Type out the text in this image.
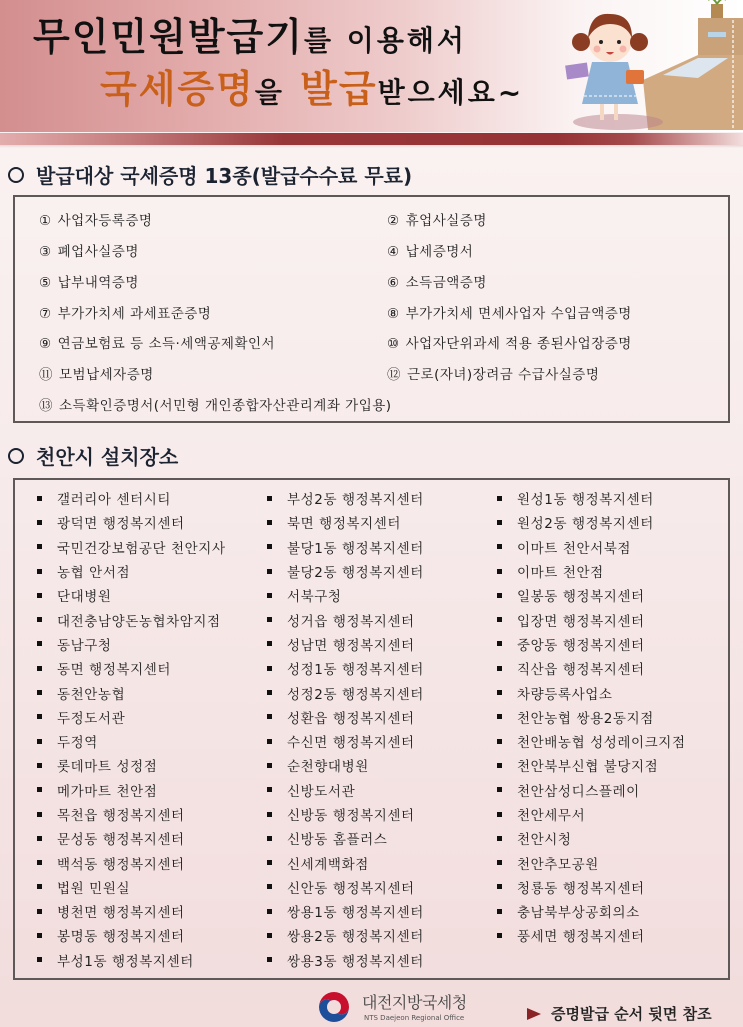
무인민원발급기를 이용해서
국세증명을 발급받으세요~
발급대상 국세증명 13종(발급수수료 무료)
① 사업자등록증명	② 휴업사실증명
③ 폐업사실증명	④ 납세증명서
⑤ 납부내역증명	⑥ 소득금액증명
⑦ 부가가치세 과세표준증명	⑧ 부가가치세 면세사업자 수입금액증명
⑨ 연금보험료 등 소득·세액공제확인서	⑩ 사업자단위과세 적용 종된사업장증명
⑪ 모범납세자증명	⑫ 근로(자녀)장려금 수급사실증명
⑬ 소득확인증명서(서민형 개인종합자산관리계좌 가입용)
천안시 설치장소
갤러리아 센터시티
광덕면 행정복지센터
국민건강보험공단 천안지사
농협 안서점
단대병원
대전충남양돈농협차암지점
동남구청
동면 행정복지센터
동천안농협
두정도서관
두정역
롯데마트 성정점
메가마트 천안점
목천읍 행정복지센터
문성동 행정복지센터
백석동 행정복지센터
법원 민원실
병천면 행정복지센터
봉명동 행정복지센터
부성1동 행정복지센터
부성2동 행정복지센터
북면 행정복지센터
불당1동 행정복지센터
불당2동 행정복지센터
서북구청
성거읍 행정복지센터
성남면 행정복지센터
성정1동 행정복지센터
성정2동 행정복지센터
성환읍 행정복지센터
수신면 행정복지센터
순천향대병원
신방도서관
신방동 행정복지센터
신방동 홈플러스
신세계백화점
신안동 행정복지센터
쌍용1동 행정복지센터
쌍용2동 행정복지센터
쌍용3동 행정복지센터
원성1동 행정복지센터
원성2동 행정복지센터
이마트 천안서북점
이마트 천안점
일봉동 행정복지센터
입장면 행정복지센터
중앙동 행정복지센터
직산읍 행정복지센터
차량등록사업소
천안농협 쌍용2동지점
천안배농협 성성레이크지점
천안북부신협 불당지점
천안삼성디스플레이
천안세무서
천안시청
천안추모공원
청룡동 행정복지센터
충남북부상공회의소
풍세면 행정복지센터
대전지방국세청
NTS Daejeon Regional Office	증명발급 순서 뒷면 참조
